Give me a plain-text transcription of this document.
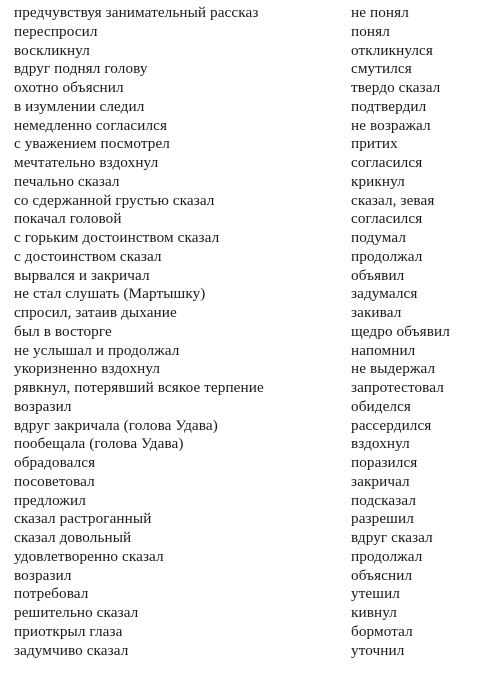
предчувствуя занимательный рассказ
переспросил
воскликнул
вдруг поднял голову
охотно объяснил
в изумлении следил
немедленно согласился
с уважением посмотрел
мечтательно вздохнул
печально сказал
со сдержанной грустью сказал
покачал головой
с горьким достоинством сказал
с достоинством сказал
вырвался и закричал
не стал слушать (Мартышку)
спросил, затаив дыхание
был в восторге
не услышал и продолжал
укоризненно вздохнул
рявкнул, потерявший всякое терпение
возразил
вдруг закричала (голова Удава)
пообещала (голова Удава)
обрадовался
посоветовал
предложил
сказал растроганный
сказал довольный
удовлетворенно сказал
возразил
потребовал
решительно сказал
приоткрыл глаза
задумчиво сказал
не понял
понял
откликнулся
смутился
твердо сказал
подтвердил
не возражал
притих
согласился
крикнул
сказал, зевая
согласился
подумал
продолжал
объявил
задумался
закивал
щедро объявил
напомнил
не выдержал
запротестовал
обиделся
рассердился
вздохнул
поразился
закричал
подсказал
разрешил
вдруг сказал
продолжал
объяснил
утешил
кивнул
бормотал
уточнил
